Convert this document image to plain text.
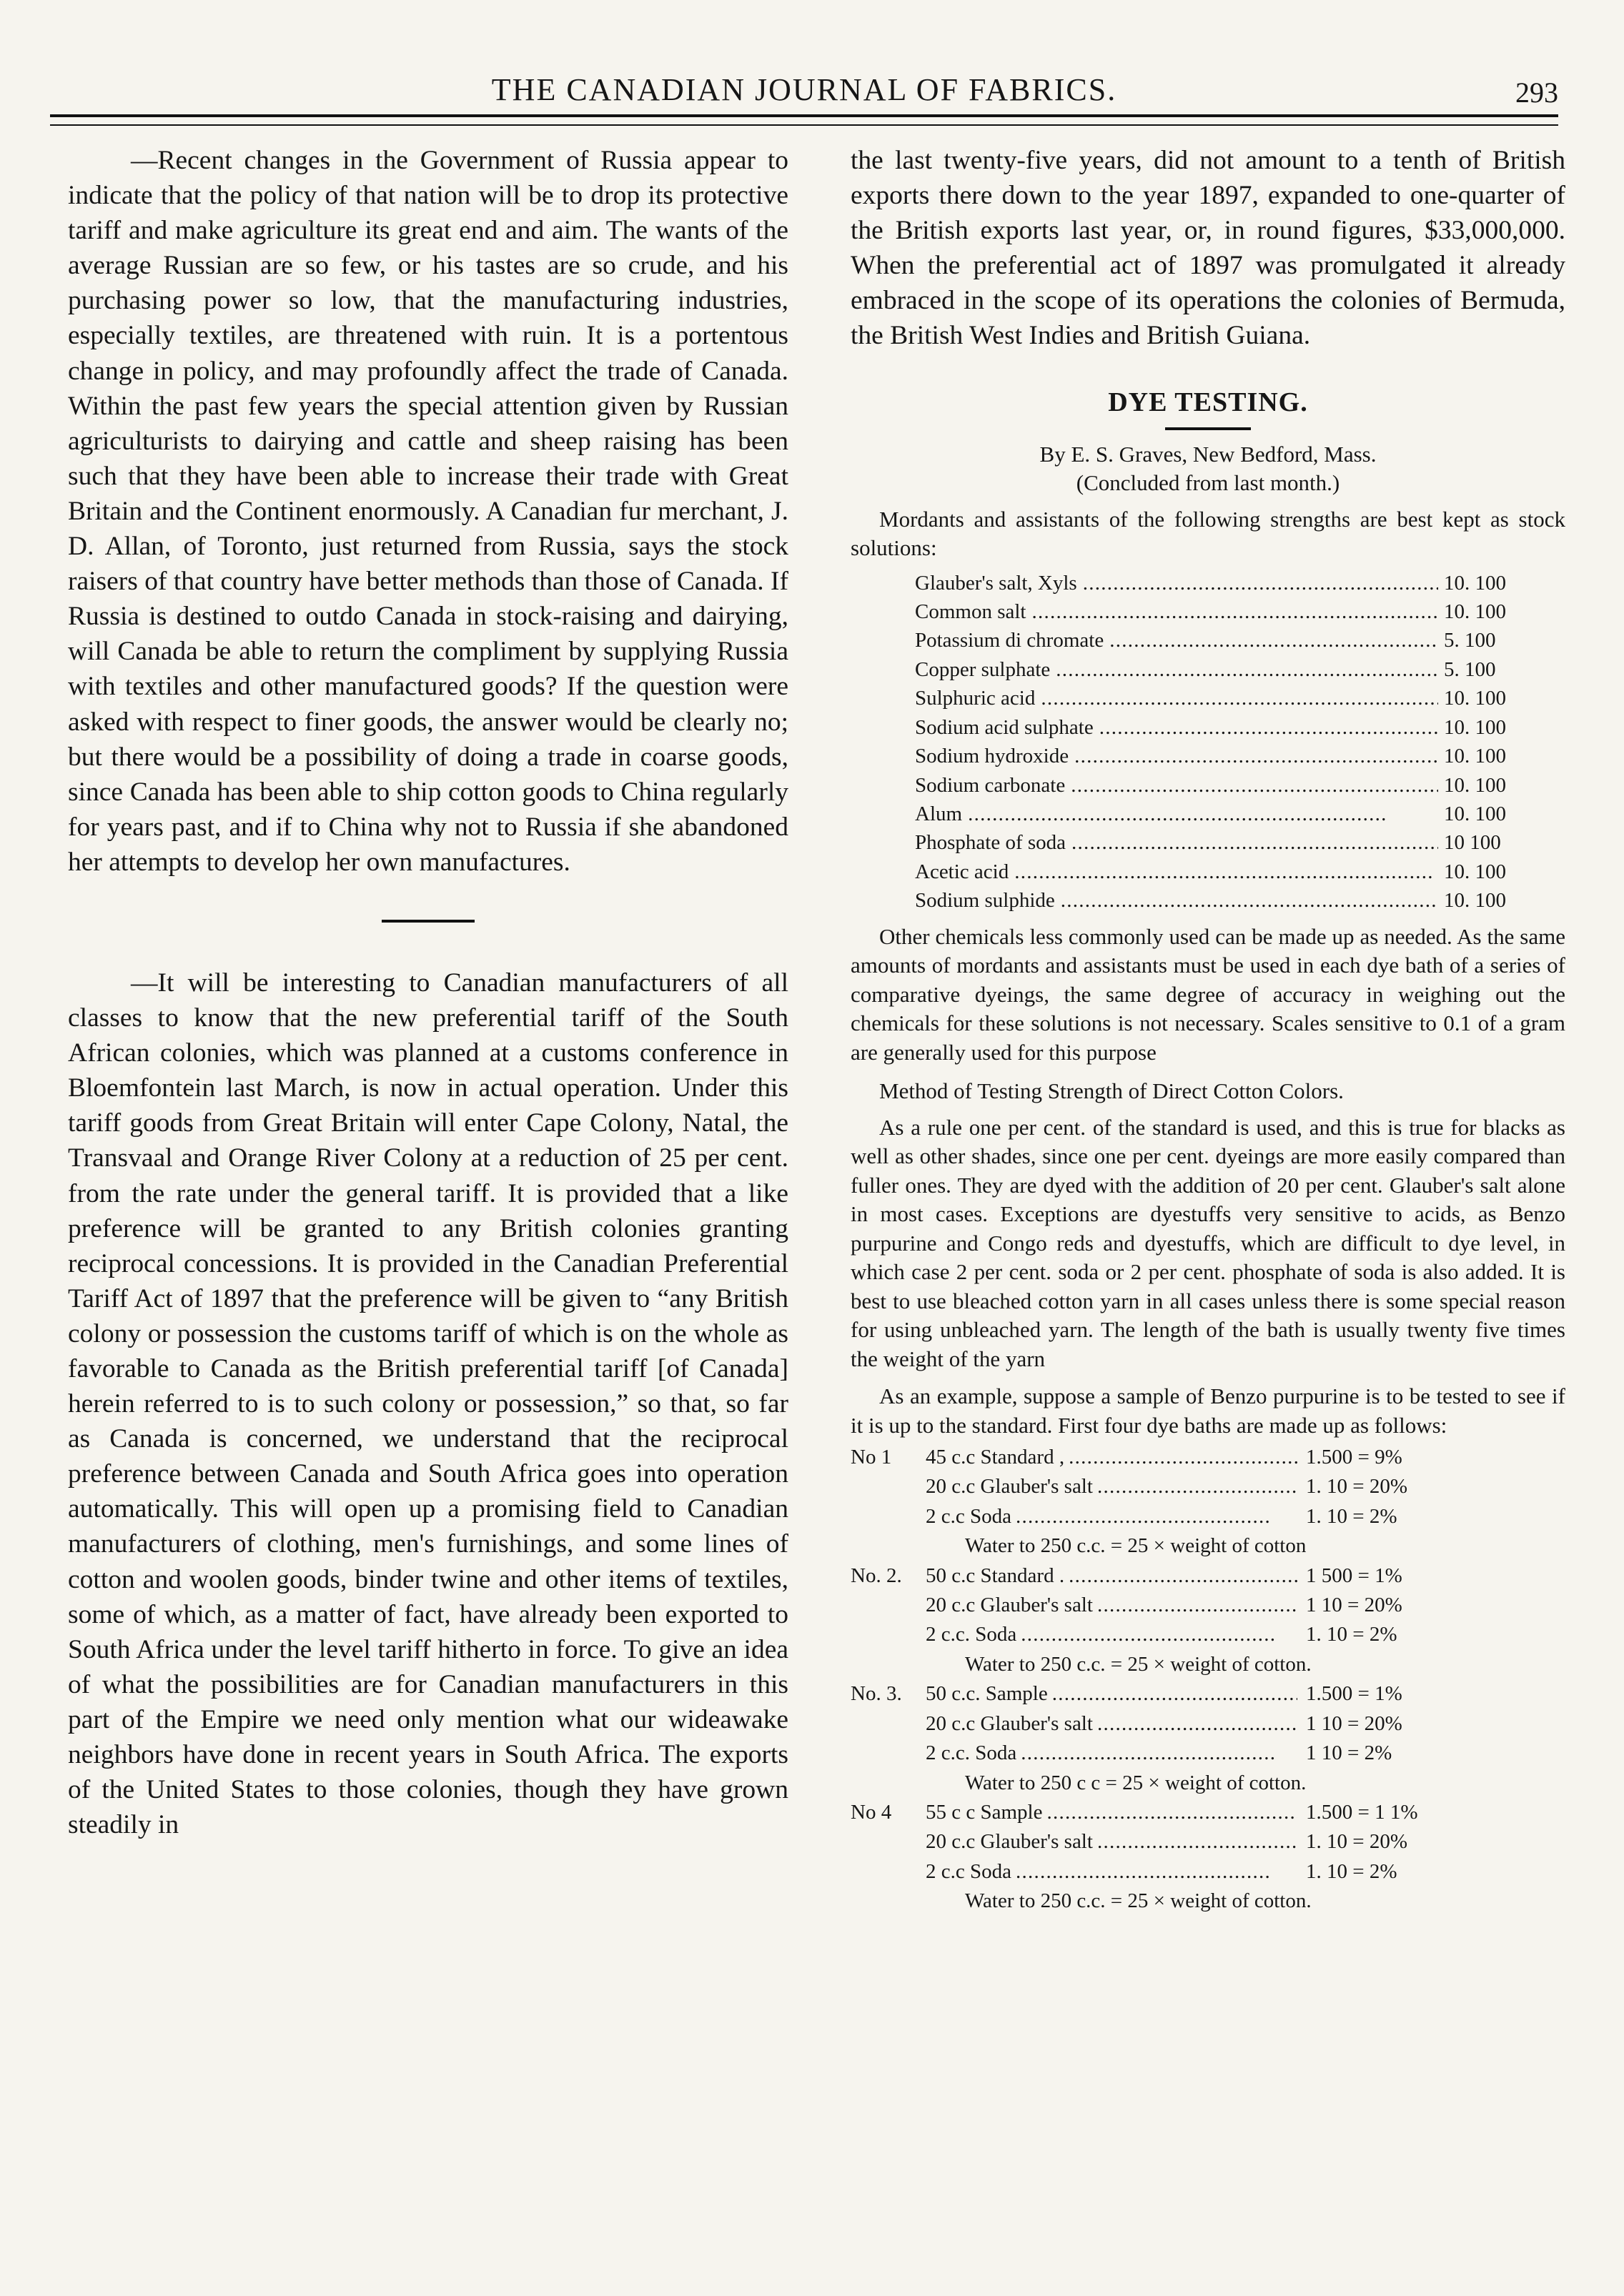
THE CANADIAN JOURNAL OF FABRICS.	293

—Recent changes in the Government of Russia appear to indicate that the policy of that nation will be to drop its protective tariff and make agriculture its great end and aim. The wants of the average Russian are so few, or his tastes are so crude, and his purchasing power so low, that the manufacturing industries, especially textiles, are threatened with ruin. It is a portentous change in policy, and may profoundly affect the trade of Canada. Within the past few years the special attention given by Russian agriculturists to dairying and cattle and sheep raising has been such that they have been able to increase their trade with Great Britain and the Continent enormously. A Canadian fur merchant, J. D. Allan, of Toronto, just returned from Russia, says the stock raisers of that country have better methods than those of Canada. If Russia is destined to outdo Canada in stock-raising and dairying, will Canada be able to return the compliment by supplying Russia with textiles and other manufactured goods? If the question were asked with respect to finer goods, the answer would be clearly no; but there would be a possibility of doing a trade in coarse goods, since Canada has been able to ship cotton goods to China regularly for years past, and if to China why not to Russia if she abandoned her attempts to develop her own manufactures.

—It will be interesting to Canadian manufacturers of all classes to know that the new preferential tariff of the South African colonies, which was planned at a customs conference in Bloemfontein last March, is now in actual operation. Under this tariff goods from Great Britain will enter Cape Colony, Natal, the Transvaal and Orange River Colony at a reduction of 25 per cent. from the rate under the general tariff. It is provided that a like preference will be granted to any British colonies granting reciprocal concessions. It is provided in the Canadian Preferential Tariff Act of 1897 that the preference will be given to “any British colony or possession the customs tariff of which is on the whole as favorable to Canada as the British preferential tariff [of Canada] herein referred to is to such colony or possession,” so that, so far as Canada is concerned, we understand that the reciprocal preference between Canada and South Africa goes into operation automatically. This will open up a promising field to Canadian manufacturers of clothing, men's furnishings, and some lines of cotton and woolen goods, binder twine and other items of textiles, some of which, as a matter of fact, have already been exported to South Africa under the level tariff hitherto in force. To give an idea of what the possibilities are for Canadian manufacturers in this part of the Empire we need only mention what our wideawake neighbors have done in recent years in South Africa. The exports of the United States to those colonies, though they have grown steadily in

the last twenty-five years, did not amount to a tenth of British exports there down to the year 1897, expanded to one-quarter of the British exports last year, or, in round figures, $33,000,000. When the preferential act of 1897 was promulgated it already embraced in the scope of its operations the colonies of Bermuda, the British West Indies and British Guiana.

DYE TESTING.
By E. S. Graves, New Bedford, Mass.
(Concluded from last month.)

Mordants and assistants of the following strengths are best kept as stock solutions:

Glauber's salt, Xyls . . .	10. 100
Common salt . . .	10. 100
Potassium di chromate . . .	5. 100
Copper sulphate . . .	5. 100
Sulphuric acid . . .	10. 100
Sodium acid sulphate . . .	10. 100
Sodium hydroxide . . .	10. 100
Sodium carbonate . . .	10. 100
Alum . . .	10. 100
Phosphate of soda . . .	10 100
Acetic acid . . .	10. 100
Sodium sulphide . . .	10. 100

Other chemicals less commonly used can be made up as needed. As the same amounts of mordants and assistants must be used in each dye bath of a series of comparative dyeings, the same degree of accuracy in weighing out the chemicals for these solutions is not necessary. Scales sensitive to 0.1 of a gram are generally used for this purpose

Method of Testing Strength of Direct Cotton Colors.

As a rule one per cent. of the standard is used, and this is true for blacks as well as other shades, since one per cent. dyeings are more easily compared than fuller ones. They are dyed with the addition of 20 per cent. Glauber's salt alone in most cases. Exceptions are dyestuffs very sensitive to acids, as Benzo purpurine and Congo reds and dyestuffs, which are difficult to dye level, in which case 2 per cent. soda or 2 per cent. phosphate of soda is also added. It is best to use bleached cotton yarn in all cases unless there is some special reason for using unbleached yarn. The length of the bath is usually twenty five times the weight of the yarn

As an example, suppose a sample of Benzo purpurine is to be tested to see if it is up to the standard. First four dye baths are made up as follows:

No 1	45 c.c Standard , . . .	1.500 = 9%
20 c.c Glauber's salt . . .	1. 10 = 20%
2 c.c Soda . . .	1. 10 = 2%
Water to 250 c.c. = 25 × weight of cotton
No. 2.	50 c.c Standard . . . .	1 500 = 1%
20 c.c Glauber's salt . . .	1 10 = 20%
2 c.c. Soda . . .	1. 10 = 2%
Water to 250 c.c. = 25 × weight of cotton.
No. 3.	50 c.c. Sample . . .	1.500 = 1%
20 c.c Glauber's salt . . .	1 10 = 20%
2 c.c. Soda . . .	1 10 = 2%
Water to 250 c c = 25 × weight of cotton.
No 4	55 c c Sample . . .	1.500 = 1 1%
20 c.c Glauber's salt . . .	1. 10 = 20%
2 c.c Soda . . .	1. 10 = 2%
Water to 250 c.c. = 25 × weight of cotton.
